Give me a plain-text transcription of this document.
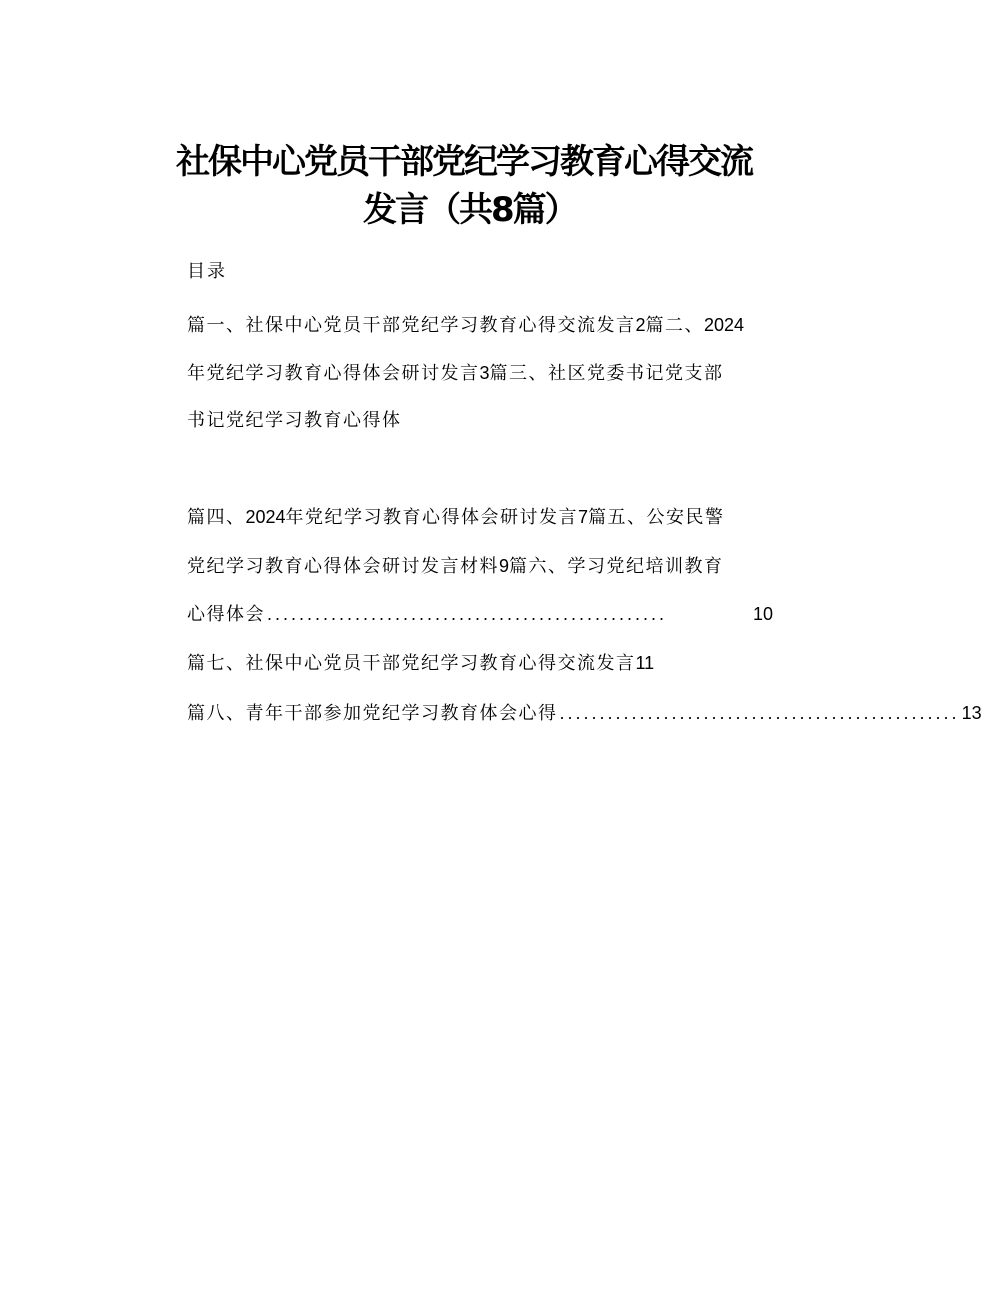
社保中心党员干部党纪学习教育心得交流
发言（共8篇）
目录
篇一、社保中心党员干部党纪学习教育心得交流发言2篇二、2024
年党纪学习教育心得体会研讨发言3篇三、社区党委书记党支部
书记党纪学习教育心得体
篇四、2024年党纪学习教育心得体会研讨发言7篇五、公安民警
党纪学习教育心得体会研讨发言材料9篇六、学习党纪培训教育
心得体会 ..................................................	10
篇七、社保中心党员干部党纪学习教育心得交流发言11
篇八、青年干部参加党纪学习教育体会心得 .................................................. 13
